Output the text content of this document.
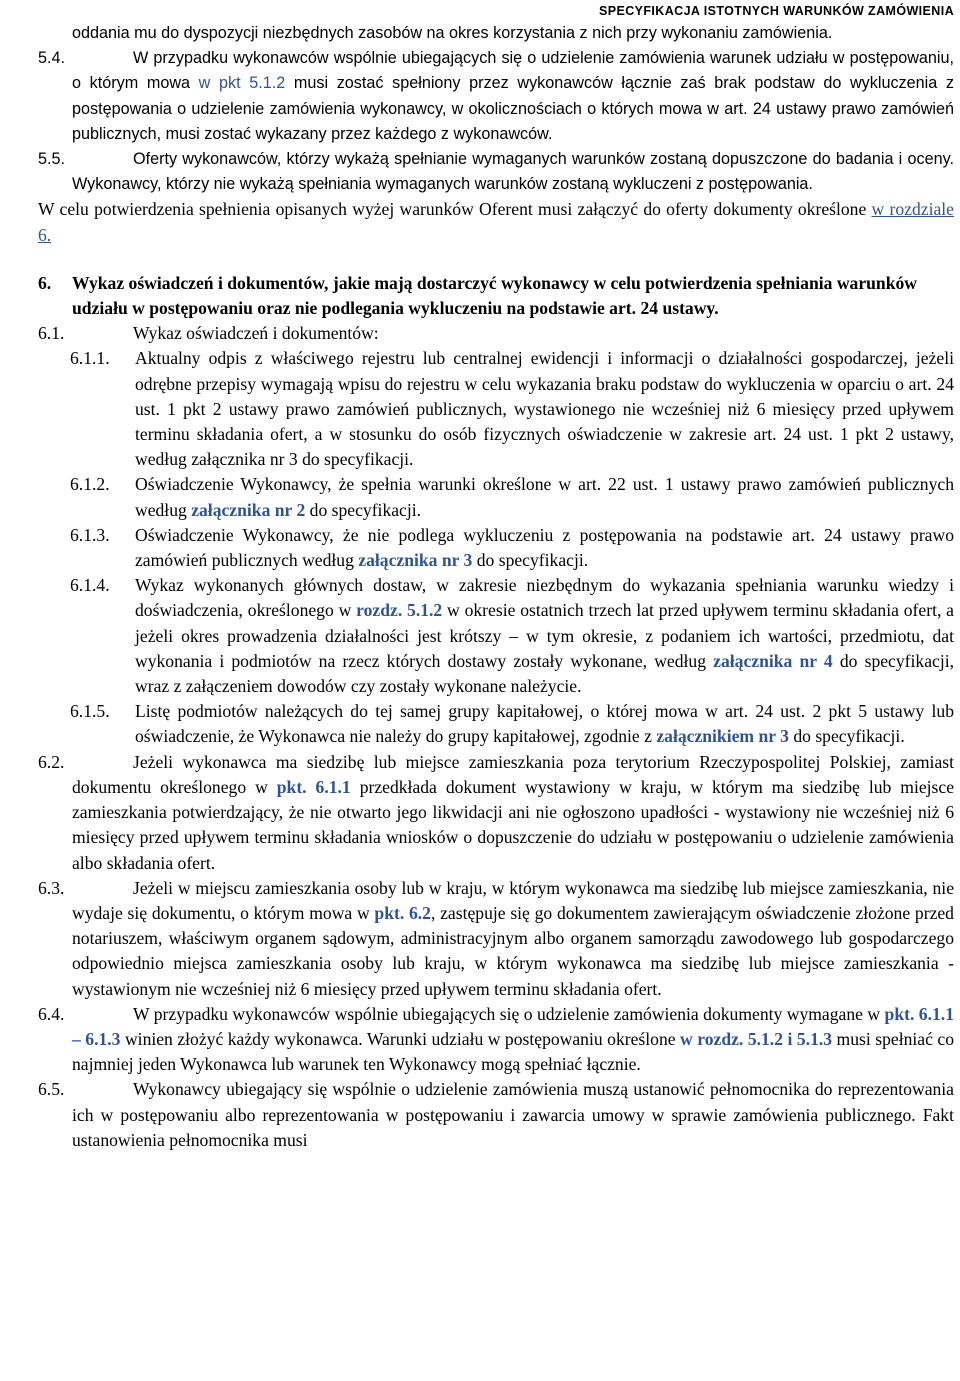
SPECYFIKACJA ISTOTNYCH WARUNKÓW ZAMÓWIENIA

oddania mu do dyspozycji niezbędnych zasobów na okres korzystania z nich przy wykonaniu zamówienia.

5.4.	W przypadku wykonawców wspólnie ubiegających się o udzielenie zamówienia warunek udziału w postępowaniu, o którym mowa w pkt 5.1.2 musi zostać spełniony przez wykonawców łącznie zaś brak podstaw do wykluczenia z postępowania o udzielenie zamówienia wykonawcy, w okolicznościach o których mowa w art. 24 ustawy prawo zamówień publicznych, musi zostać wykazany przez każdego z wykonawców.
5.5.	Oferty wykonawców, którzy wykażą spełnianie wymaganych warunków zostaną dopuszczone do badania i oceny. Wykonawcy, którzy nie wykażą spełniania wymaganych warunków zostaną wykluczeni z postępowania.

W celu potwierdzenia spełnienia opisanych wyżej warunków Oferent musi załączyć do oferty dokumenty określone w rozdziale 6.

6. Wykaz oświadczeń i dokumentów, jakie mają dostarczyć wykonawcy w celu potwierdzenia spełniania warunków udziału w postępowaniu oraz nie podlegania wykluczeniu na podstawie art. 24 ustawy.
6.1.	Wykaz oświadczeń i dokumentów:
6.1.1. Aktualny odpis z właściwego rejestru lub centralnej ewidencji i informacji o działalności gospodarczej, jeżeli odrębne przepisy wymagają wpisu do rejestru w celu wykazania braku podstaw do wykluczenia w oparciu o art. 24 ust. 1 pkt 2 ustawy prawo zamówień publicznych, wystawionego nie wcześniej niż 6 miesięcy przed upływem terminu składania ofert, a w stosunku do osób fizycznych oświadczenie w zakresie art. 24 ust. 1 pkt 2 ustawy, według załącznika nr 3 do specyfikacji.
6.1.2. Oświadczenie Wykonawcy, że spełnia warunki określone w art. 22 ust. 1 ustawy prawo zamówień publicznych według załącznika nr 2 do specyfikacji.
6.1.3. Oświadczenie Wykonawcy, że nie podlega wykluczeniu z postępowania na podstawie art. 24 ustawy prawo zamówień publicznych według załącznika nr 3 do specyfikacji.
6.1.4. Wykaz wykonanych głównych dostaw, w zakresie niezbędnym do wykazania spełniania warunku wiedzy i doświadczenia, określonego w rozdz. 5.1.2 w okresie ostatnich trzech lat przed upływem terminu składania ofert, a jeżeli okres prowadzenia działalności jest krótszy – w tym okresie, z podaniem ich wartości, przedmiotu, dat wykonania i podmiotów na rzecz których dostawy zostały wykonane, według załącznika nr 4 do specyfikacji, wraz z załączeniem dowodów czy zostały wykonane należycie.
6.1.5. Listę podmiotów należących do tej samej grupy kapitałowej, o której mowa w art. 24 ust. 2 pkt 5 ustawy lub oświadczenie, że Wykonawca nie należy do grupy kapitałowej, zgodnie z załącznikiem nr 3 do specyfikacji.
6.2.	Jeżeli wykonawca ma siedzibę lub miejsce zamieszkania poza terytorium Rzeczypospolitej Polskiej, zamiast dokumentu określonego w pkt. 6.1.1 przedkłada dokument wystawiony w kraju, w którym ma siedzibę lub miejsce zamieszkania potwierdzający, że nie otwarto jego likwidacji ani nie ogłoszono upadłości - wystawiony nie wcześniej niż 6 miesięcy przed upływem terminu składania wniosków o dopuszczenie do udziału w postępowaniu o udzielenie zamówienia albo składania ofert.
6.3.	Jeżeli w miejscu zamieszkania osoby lub w kraju, w którym wykonawca ma siedzibę lub miejsce zamieszkania, nie wydaje się dokumentu, o którym mowa w pkt. 6.2, zastępuje się go dokumentem zawierającym oświadczenie złożone przed notariuszem, właściwym organem sądowym, administracyjnym albo organem samorządu zawodowego lub gospodarczego odpowiednio miejsca zamieszkania osoby lub kraju, w którym wykonawca ma siedzibę lub miejsce zamieszkania - wystawionym nie wcześniej niż 6 miesięcy przed upływem terminu składania ofert.
6.4.	W przypadku wykonawców wspólnie ubiegających się o udzielenie zamówienia dokumenty wymagane w pkt. 6.1.1 – 6.1.3 winien złożyć każdy wykonawca. Warunki udziału w postępowaniu określone w rozdz. 5.1.2 i 5.1.3 musi spełniać co najmniej jeden Wykonawca lub warunek ten Wykonawcy mogą spełniać łącznie.
6.5.	Wykonawcy ubiegający się wspólnie o udzielenie zamówienia muszą ustanowić pełnomocnika do reprezentowania ich w postępowaniu albo reprezentowania w postępowaniu i zawarcia umowy w sprawie zamówienia publicznego. Fakt ustanowienia pełnomocnika musi
